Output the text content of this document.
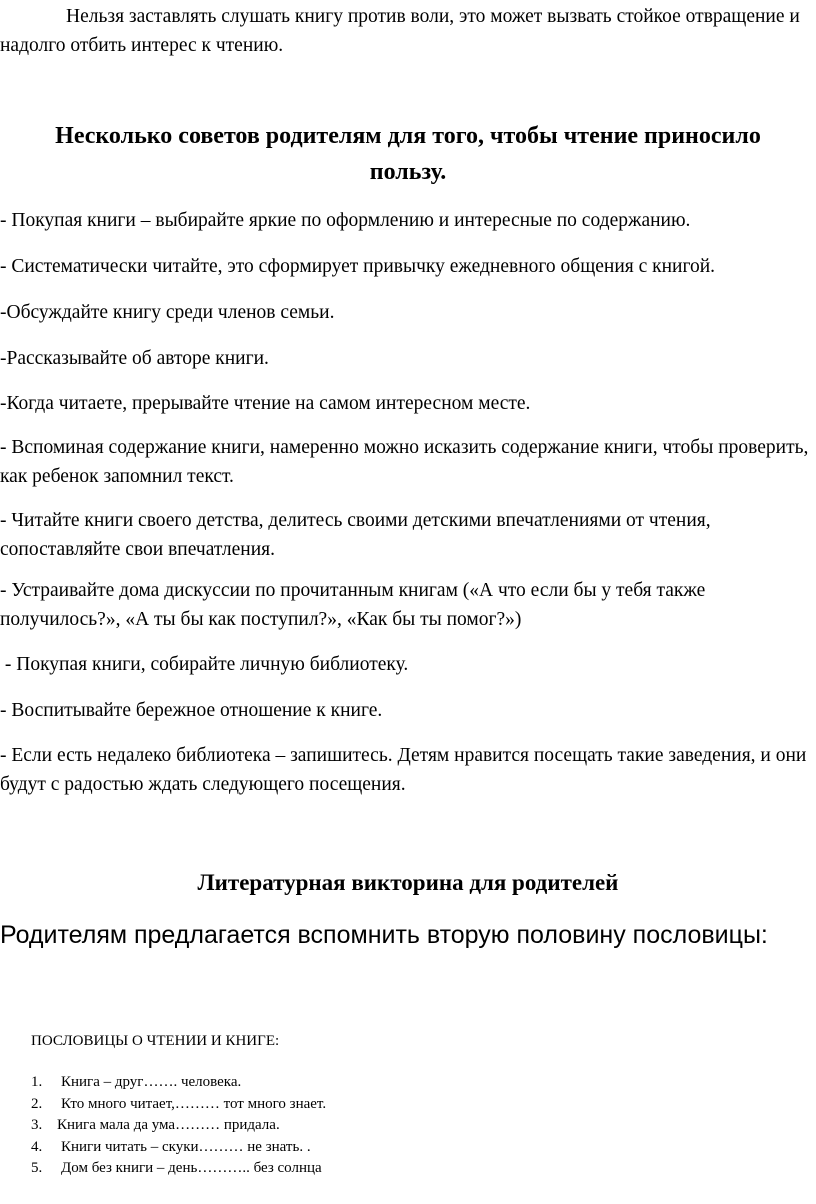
Нельзя заставлять слушать книгу против воли, это может вызвать стойкое отвращение и надолго отбить интерес к чтению.

Несколько советов родителям для того, чтобы чтение приносило пользу.

- Покупая книги – выбирайте яркие по оформлению и интересные по содержанию.

- Систематически читайте, это сформирует привычку ежедневного общения с книгой.

-Обсуждайте книгу среди членов семьи.

-Рассказывайте об авторе книги.

-Когда читаете, прерывайте чтение на самом интересном месте.

- Вспоминая содержание книги, намеренно можно исказить содержание книги, чтобы проверить, как ребенок запомнил текст.

- Читайте книги своего детства, делитесь своими детскими впечатлениями от чтения, сопоставляйте свои впечатления.

- Устраивайте дома дискуссии по прочитанным книгам («А что если бы у тебя также получилось?», «А ты бы как поступил?», «Как бы ты помог?»)

- Покупая книги, собирайте личную библиотеку.

- Воспитывайте бережное отношение к книге.

- Если есть недалеко библиотека – запишитесь. Детям нравится посещать такие заведения, и они будут с радостью ждать следующего посещения.

Литературная викторина для родителей

Родителям предлагается вспомнить вторую половину пословицы:

ПОСЛОВИЦЫ О ЧТЕНИИ И КНИГЕ:

1.	Книга – друг……. человека.
2.	Кто много читает,……… тот много знает.
3. Книга мала да ума……… придала.
4.	Книги читать – скуки……… не знать. .
5.	Дом без книги – день……….. без солнца
